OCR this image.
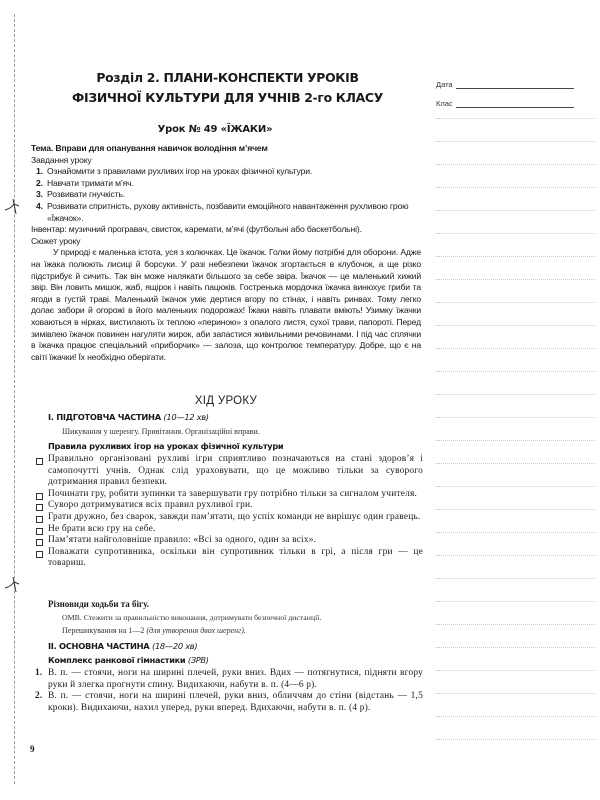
Розділ 2. ПЛАНИ-КОНСПЕКТИ УРОКІВ
ФІЗИЧНОЇ КУЛЬТУРИ ДЛЯ УЧНІВ 2-го КЛАСУ
Дата
Клас
Урок № 49 «ЇЖАКИ»
Тема. Вправи для опанування навичок володіння м’ячем
Завдання уроку
1. Ознайомити з правилами рухливих ігор на уроках фізичної культури.
2. Навчати тримати м’яч.
3. Розвивати гнучкість.
4. Розвивати спритність, рухову активність, позбавити емоційного навантаження рухливою грою «Їжачок».
Інвентар: музичний програвач, свисток, каремати, м’ячі (футбольні або баскетбольні).
Сюжет уроку

У природі є маленька істота, уся з колючках. Це їжачок. Голки йому потрібні для оборони. Адже на їжака полюють лисиці й борсуки. У разі небезпеки їжачок згортається в клубочок, а ще різко підстрибує й сичить. Так він може налякати більшого за себе звіра. Їжачок — це маленький хижий звір. Він ловить мишок, жаб, ящірок і навіть пацюків. Гостренька мордочка їжачка винюхує гриби та ягоди в густій траві. Маленький їжачок уміє дертися вгору по стінах, і навіть ринвах. Тому легко долає забори й огорожі в його маленьких подорожах! Їжаки навіть плавати вміють! Узимку їжачки ховаються в нірках, вистилають їх теплою «периною» з опалого листя, сухої трави, папороті. Перед зимівлею їжачок повинен нагуляти жирок, аби запастися живильними речовинами. І під час сплячки в їжачка працює спеціальний «приборчик» — залоза, що контролює температуру. Добре, що є на світі їжачки! Їх необхідно оберігати.

ХІД УРОКУ
І. ПІДГОТОВЧА ЧАСТИНА (10—12 хв)
Шикування у шеренгу. Привітання. Організаційні вправи.
Правила рухливих ігор на уроках фізичної культури
Правильно організовані рухливі ігри сприятливо позначаються на стані здоров’я і самопочутті учнів. Однак слід ураховувати, що це можливо тільки за суворого дотримання правил безпеки.
Починати гру, робити зупинки та завершувати гру потрібно тільки за сигналом учителя.
Суворо дотримуватися всіх правил рухливої гри.
Грати дружно, без сварок, завжди пам’ятати, що успіх команди не вирішує один гравець.
Не брати всю гру на себе.
Пам’ятати найголовніше правило: «Всі за одного, один за всіх».
Поважати супротивника, оскільки він супротивник тільки в грі, а після гри — це товариш.
Різновиди ходьби та бігу.
ОМВ. Стежити за правильністю виконання, дотримувати безпечної дистанції.
Перешикування на 1—2 (для утворення двох шеренг).
ІІ. ОСНОВНА ЧАСТИНА (18—20 хв)
Комплекс ранкової гімнастики (ЗРВ)
1. В. п. — стоячи, ноги на ширині плечей, руки вниз. Вдих — потягнутися, підняти вгору руки й злегка прогнути спину. Видихаючи, набути в. п. (4—6 р).
2. В. п. — стоячи, ноги на ширині плечей, руки вниз, обличчям до стіни (відстань — 1,5 кроки). Видихаючи, нахил уперед, руки вперед. Вдихаючи, набути в. п. (4 р).
9
